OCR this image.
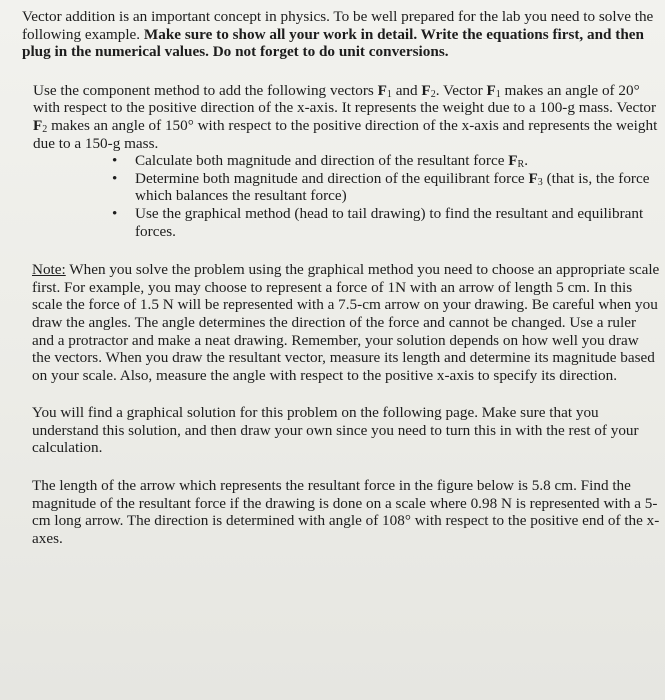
Vector addition is an important concept in physics. To be well prepared for the lab you need to solve the following example. Make sure to show all your work in detail. Write the equations first, and then plug in the numerical values. Do not forget to do unit conversions.

Use the component method to add the following vectors $F_1$ and $F_2$. Vector $F_1$ makes an angle of 20° with respect to the positive direction of the x-axis. It represents the weight due to a 100-g mass. Vector $F_2$ makes an angle of 150° with respect to the positive direction of the x-axis and represents the weight due to a 150-g mass.

• Calculate both magnitude and direction of the resultant force $F_R$.
• Determine both magnitude and direction of the equilibrant force $F_3$ (that is, the force which balances the resultant force)
• Use the graphical method (head to tail drawing) to find the resultant and equilibrant forces.

Note: When you solve the problem using the graphical method you need to choose an appropriate scale first. For example, you may choose to represent a force of 1N with an arrow of length 5 cm. In this scale the force of 1.5 N will be represented with a 7.5-cm arrow on your drawing. Be careful when you draw the angles. The angle determines the direction of the force and cannot be changed. Use a ruler and a protractor and make a neat drawing. Remember, your solution depends on how well you draw the vectors. When you draw the resultant vector, measure its length and determine its magnitude based on your scale. Also, measure the angle with respect to the positive x-axis to specify its direction.

You will find a graphical solution for this problem on the following page. Make sure that you understand this solution, and then draw your own since you need to turn this in with the rest of your calculation.

The length of the arrow which represents the resultant force in the figure below is 5.8 cm. Find the magnitude of the resultant force if the drawing is done on a scale where 0.98 N is represented with a 5-cm long arrow. The direction is determined with angle of 108° with respect to the positive end of the x-axes.
